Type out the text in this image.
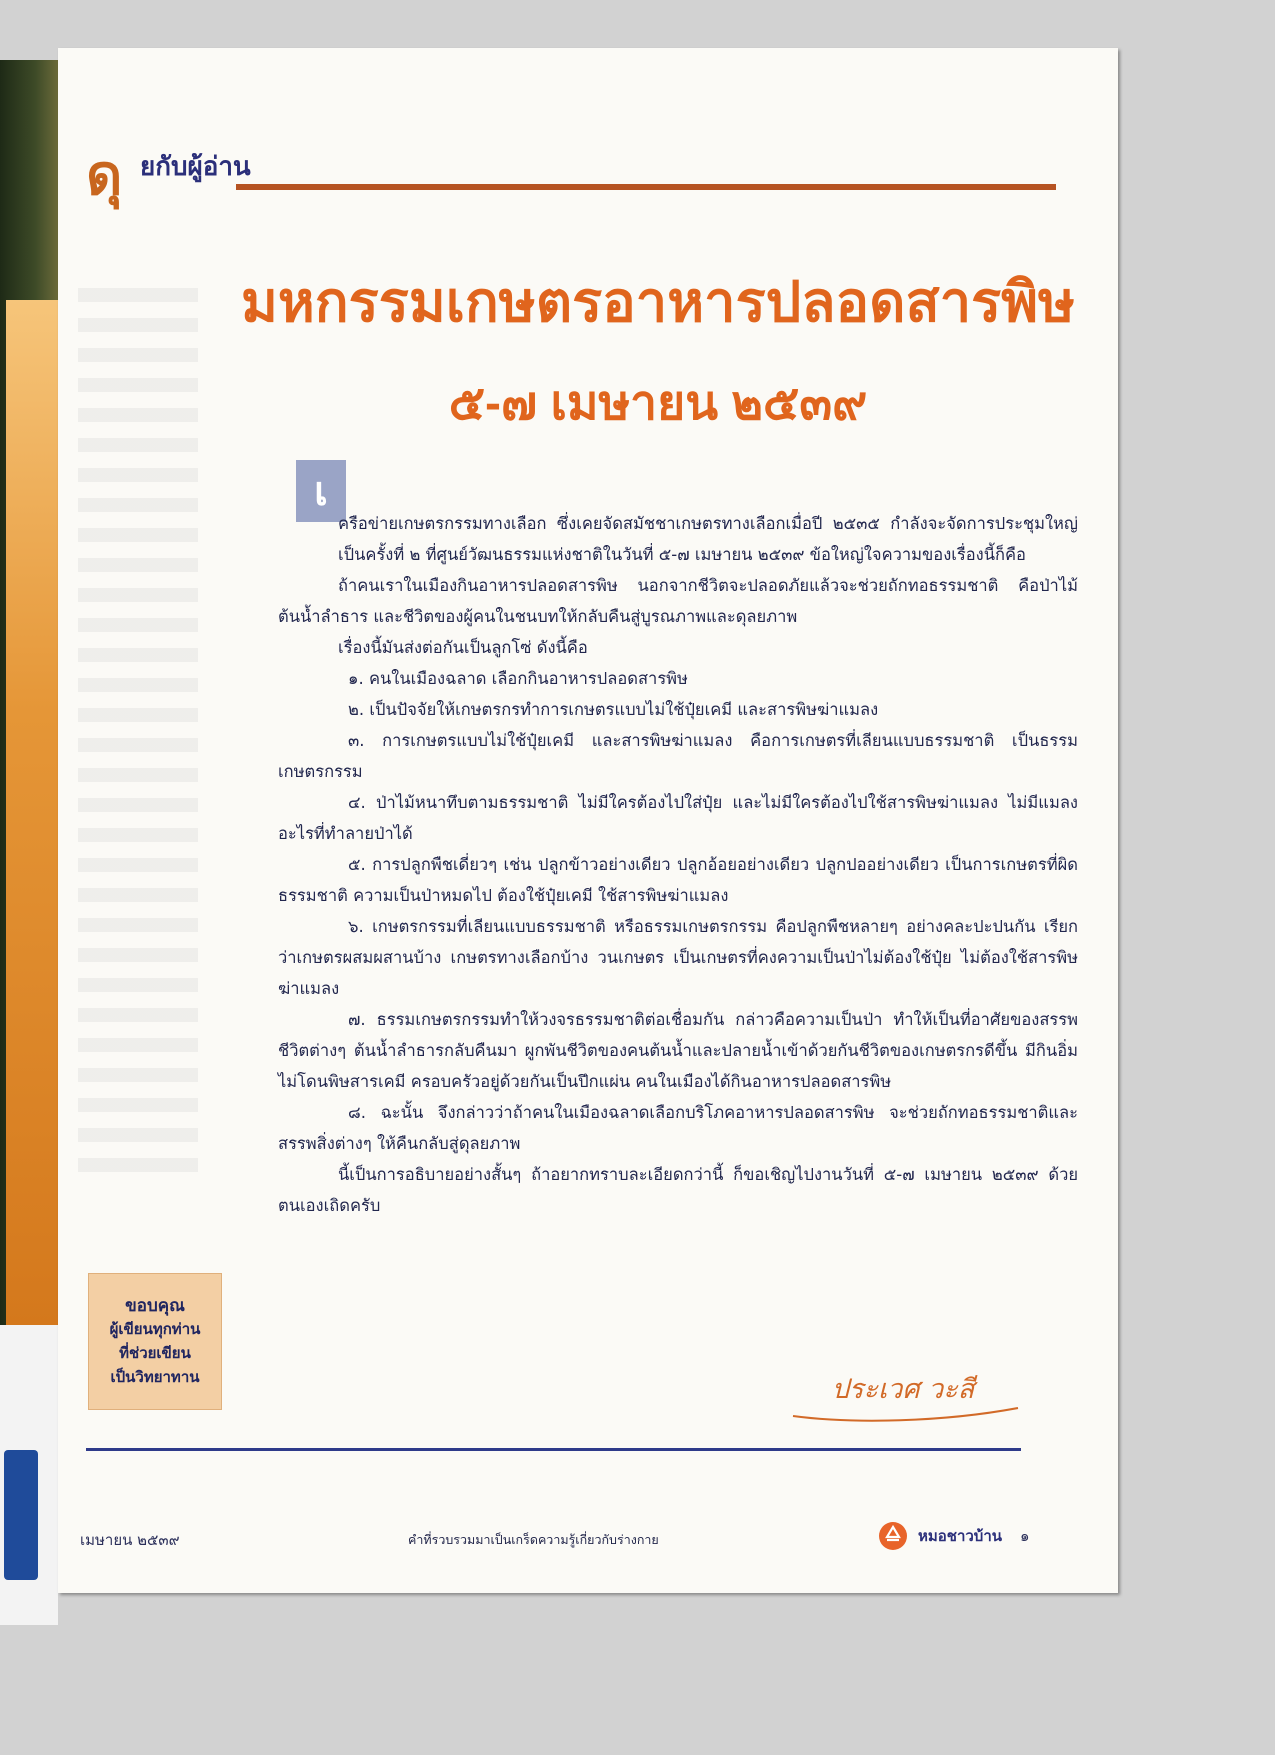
ดุ ยกับผู้อ่าน
มหกรรมเกษตรอาหารปลอดสารพิษ
๕-๗ เมษายน ๒๕๓๙
เ

ครือข่ายเกษตรกรรมทางเลือก ซึ่งเคยจัดสมัชชาเกษตรทางเลือกเมื่อปี ๒๕๓๕ กำลังจะจัดการประชุมใหญ่เป็นครั้งที่ ๒ ที่ศูนย์วัฒนธรรมแห่งชาติในวันที่ ๕-๗ เมษายน ๒๕๓๙ ข้อใหญ่ใจความของเรื่องนี้ก็คือ

ถ้าคนเราในเมืองกินอาหารปลอดสารพิษ นอกจากชีวิตจะปลอดภัยแล้วจะช่วยถักทอธรรมชาติ คือป่าไม้ ต้นน้ำลำธาร และชีวิตของผู้คนในชนบทให้กลับคืนสู่บูรณภาพและดุลยภาพ

เรื่องนี้มันส่งต่อกันเป็นลูกโซ่ ดังนี้คือ

๑. คนในเมืองฉลาด เลือกกินอาหารปลอดสารพิษ

๒. เป็นปัจจัยให้เกษตรกรทำการเกษตรแบบไม่ใช้ปุ๋ยเคมี และสารพิษฆ่าแมลง

๓. การเกษตรแบบไม่ใช้ปุ๋ยเคมี และสารพิษฆ่าแมลง คือการเกษตรที่เลียนแบบธรรมชาติ เป็นธรรมเกษตรกรรม

๔. ป่าไม้หนาทึบตามธรรมชาติ ไม่มีใครต้องไปใส่ปุ๋ย และไม่มีใครต้องไปใช้สารพิษฆ่าแมลง ไม่มีแมลงอะไรที่ทำลายป่าได้

๕. การปลูกพืชเดี่ยวๆ เช่น ปลูกข้าวอย่างเดียว ปลูกอ้อยอย่างเดียว ปลูกปออย่างเดียว เป็นการเกษตรที่ผิดธรรมชาติ ความเป็นป่าหมดไป ต้องใช้ปุ๋ยเคมี ใช้สารพิษฆ่าแมลง

๖. เกษตรกรรมที่เลียนแบบธรรมชาติ หรือธรรมเกษตรกรรม คือปลูกพืชหลายๆ อย่างคละปะปนกัน เรียกว่าเกษตรผสมผสานบ้าง เกษตรทางเลือกบ้าง วนเกษตร เป็นเกษตรที่คงความเป็นป่าไม่ต้องใช้ปุ๋ย ไม่ต้องใช้สารพิษฆ่าแมลง

๗. ธรรมเกษตรกรรมทำให้วงจรธรรมชาติต่อเชื่อมกัน กล่าวคือความเป็นป่า ทำให้เป็นที่อาศัยของสรรพชีวิตต่างๆ ต้นน้ำลำธารกลับคืนมา ผูกพันชีวิตของคนต้นน้ำและปลายน้ำเข้าด้วยกันชีวิตของเกษตรกรดีขึ้น มีกินอิ่ม ไม่โดนพิษสารเคมี ครอบครัวอยู่ด้วยกันเป็นปึกแผ่น คนในเมืองได้กินอาหารปลอดสารพิษ

๘. ฉะนั้น จึงกล่าวว่าถ้าคนในเมืองฉลาดเลือกบริโภคอาหารปลอดสารพิษ จะช่วยถักทอธรรมชาติและสรรพสิ่งต่างๆ ให้คืนกลับสู่ดุลยภาพ

นี้เป็นการอธิบายอย่างสั้นๆ ถ้าอยากทราบละเอียดกว่านี้ ก็ขอเชิญไปงานวันที่ ๕-๗ เมษายน ๒๕๓๙ ด้วยตนเองเถิดครับ

ประเวศ วะสี
ขอบคุณ
ผู้เขียนทุกท่าน
ที่ช่วยเขียน
เป็นวิทยาทาน
เมษายน ๒๕๓๙	คำที่รวบรวมมาเป็นเกร็ดความรู้เกี่ยวกับร่างกาย	หมอชาวบ้าน ๑
